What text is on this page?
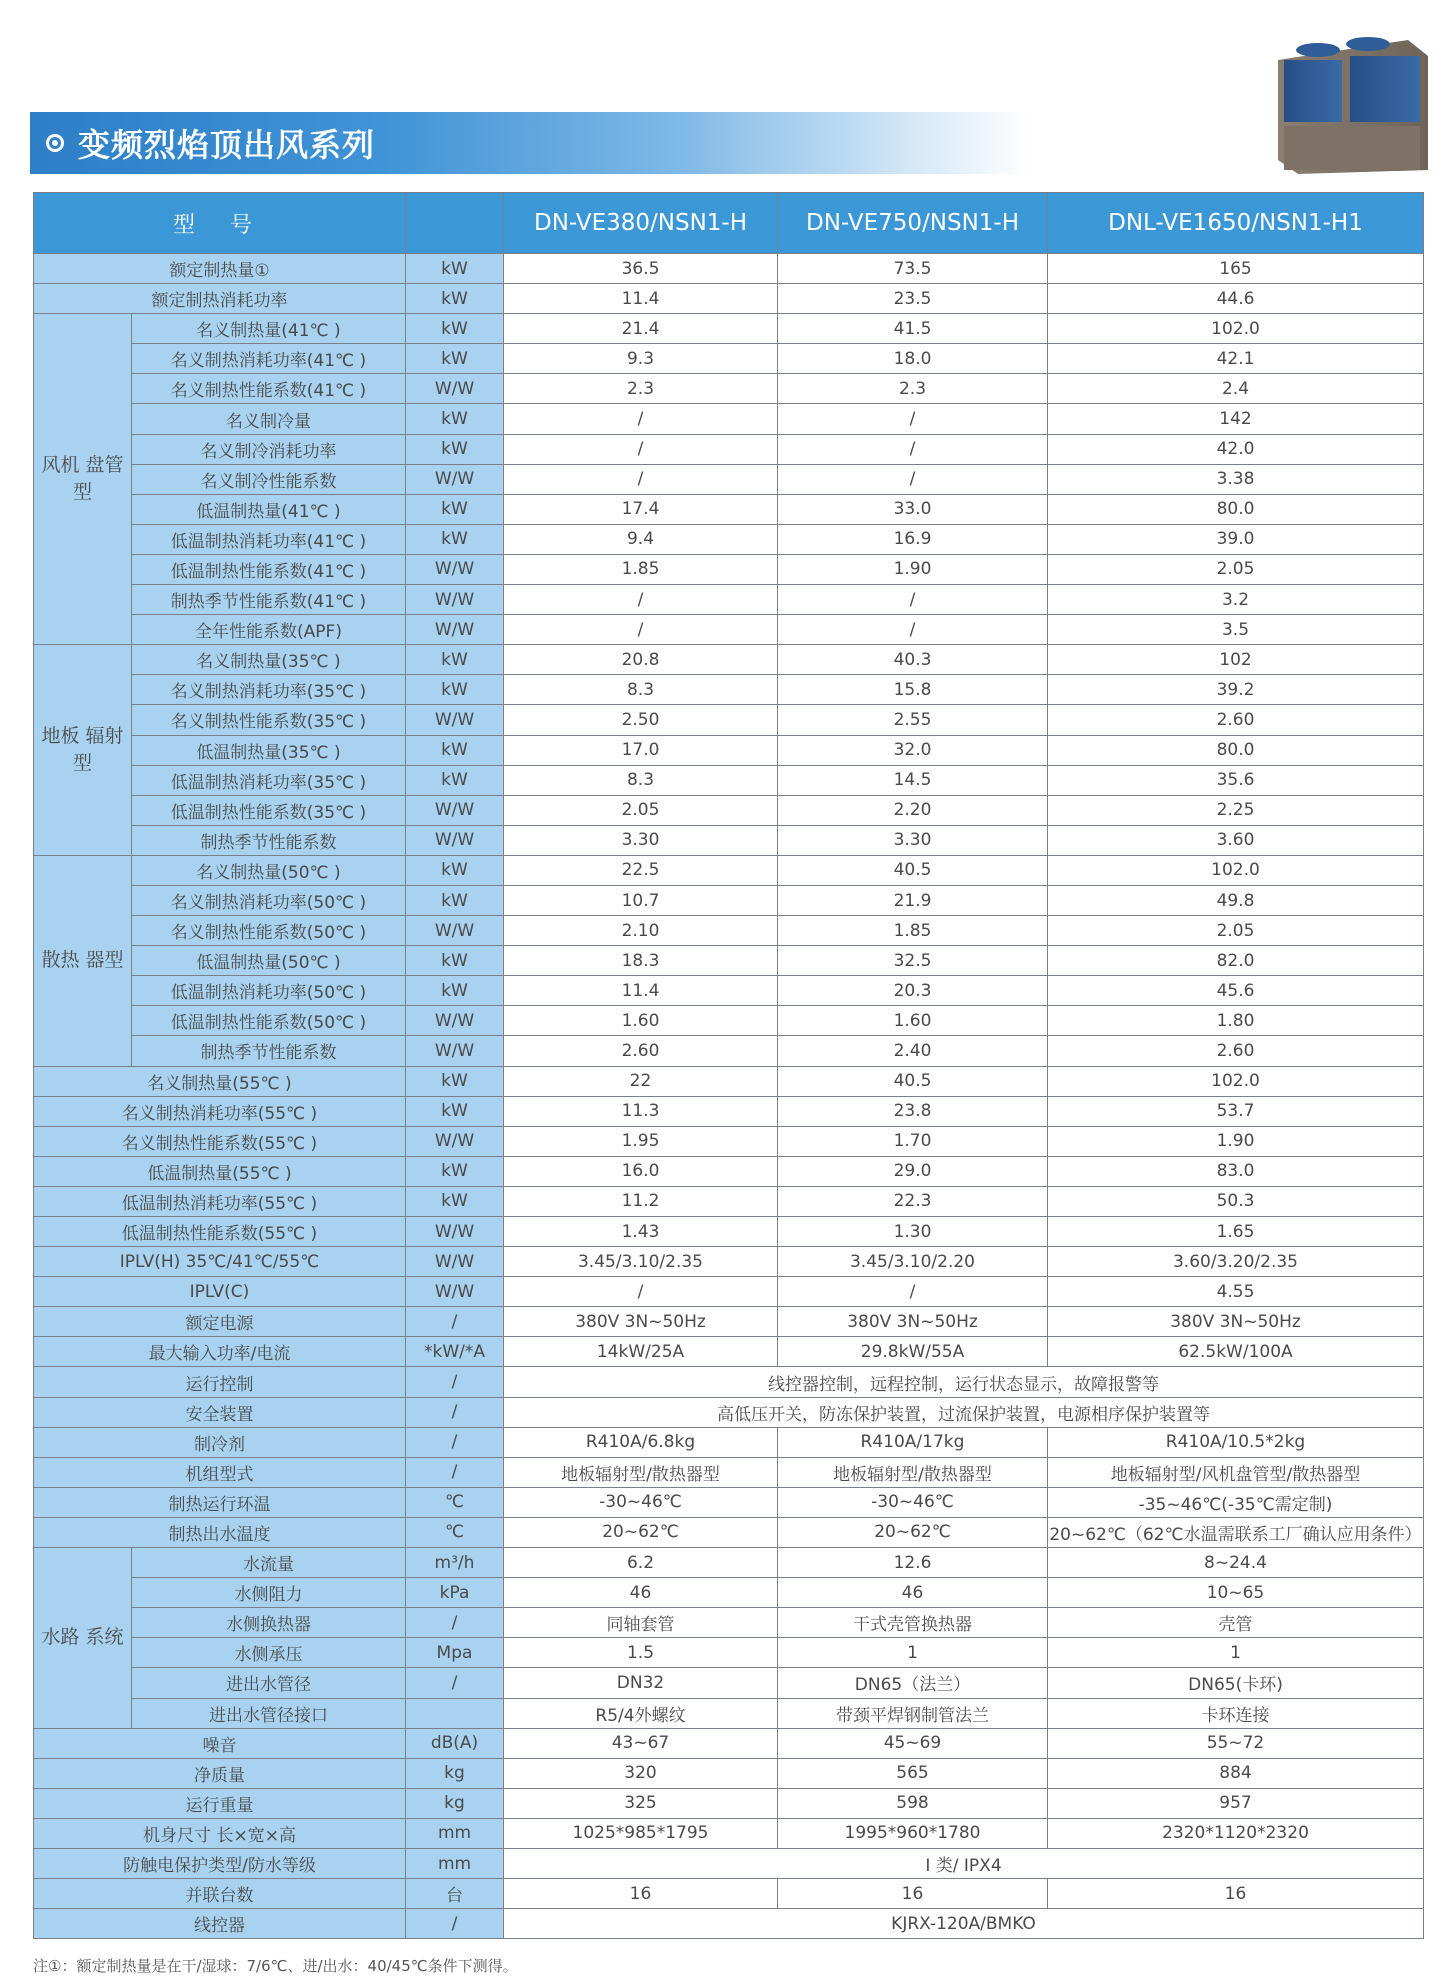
变频烈焰顶出风系列
型 号			DN-VE380/NSN1-H	DN-VE750/NSN1-H	DNL-VE1650/NSN1-H1
额定制热量①		kW	36.5	73.5	165
额定制热消耗功率		kW	11.4	23.5	44.6
风机 盘管型	名义制热量(41℃ )	kW	21.4	41.5	102.0
	名义制热消耗功率(41℃ )	kW	9.3	18.0	42.1
	名义制热性能系数(41℃ )	W/W	2.3	2.3	2.4
	名义制冷量	kW	/	/	142
	名义制冷消耗功率	kW	/	/	42.0
	名义制冷性能系数	W/W	/	/	3.38
	低温制热量(41℃ )	kW	17.4	33.0	80.0
	低温制热消耗功率(41℃ )	kW	9.4	16.9	39.0
	低温制热性能系数(41℃ )	W/W	1.85	1.90	2.05
	制热季节性能系数(41℃ )	W/W	/	/	3.2
	全年性能系数(APF)	W/W	/	/	3.5
地板 辐射型	名义制热量(35℃ )	kW	20.8	40.3	102
	名义制热消耗功率(35℃ )	kW	8.3	15.8	39.2
	名义制热性能系数(35℃ )	W/W	2.50	2.55	2.60
	低温制热量(35℃ )	kW	17.0	32.0	80.0
	低温制热消耗功率(35℃ )	kW	8.3	14.5	35.6
	低温制热性能系数(35℃ )	W/W	2.05	2.20	2.25
	制热季节性能系数	W/W	3.30	3.30	3.60
散热 器型	名义制热量(50℃ )	kW	22.5	40.5	102.0
	名义制热消耗功率(50℃ )	kW	10.7	21.9	49.8
	名义制热性能系数(50℃ )	W/W	2.10	1.85	2.05
	低温制热量(50℃ )	kW	18.3	32.5	82.0
	低温制热消耗功率(50℃ )	kW	11.4	20.3	45.6
	低温制热性能系数(50℃ )	W/W	1.60	1.60	1.80
	制热季节性能系数	W/W	2.60	2.40	2.60
名义制热量(55℃ )		kW	22	40.5	102.0
名义制热消耗功率(55℃ )		kW	11.3	23.8	53.7
名义制热性能系数(55℃ )		W/W	1.95	1.70	1.90
低温制热量(55℃ )		kW	16.0	29.0	83.0
低温制热消耗功率(55℃ )		kW	11.2	22.3	50.3
低温制热性能系数(55℃ )		W/W	1.43	1.30	1.65
IPLV(H) 35℃/41℃/55℃		W/W	3.45/3.10/2.35	3.45/3.10/2.20	3.60/3.20/2.35
IPLV(C)		W/W	/	/	4.55
额定电源		/	380V 3N~50Hz	380V 3N~50Hz	380V 3N~50Hz
最大输入功率/电流		*kW/*A	14kW/25A	29.8kW/55A	62.5kW/100A
运行控制		/	线控器控制，远程控制，运行状态显示，故障报警等		
安全装置		/	高低压开关，防冻保护装置，过流保护装置，电源相序保护装置等		
制冷剂		/	R410A/6.8kg	R410A/17kg	R410A/10.5*2kg
机组型式		/	地板辐射型/散热器型	地板辐射型/散热器型	地板辐射型/风机盘管型/散热器型
制热运行环温		℃	-30~46℃	-30~46℃	-35~46℃(-35℃需定制)
制热出水温度		℃	20~62℃	20~62℃	20~62℃（62℃水温需联系工厂确认应用条件）
水路 系统	水流量	m³/h	6.2	12.6	8~24.4
	水侧阻力	kPa	46	46	10~65
	水侧换热器	/	同轴套管	干式壳管换热器	壳管
	水侧承压	Mpa	1.5	1	1
	进出水管径	/	DN32	DN65（法兰）	DN65(卡环)
	进出水管径接口		R5/4外螺纹	带颈平焊钢制管法兰	卡环连接
噪音		dB(A)	43~67	45~69	55~72
净质量		kg	320	565	884
运行重量		kg	325	598	957
机身尺寸 长×宽×高		mm	1025*985*1795	1995*960*1780	2320*1120*2320
防触电保护类型/防水等级		mm	I 类/ IPX4		
并联台数		台	16	16	16
线控器		/	KJRX-120A/BMKO		
注①：额定制热量是在干/湿球：7/6℃、进/出水：40/45℃条件下测得。
